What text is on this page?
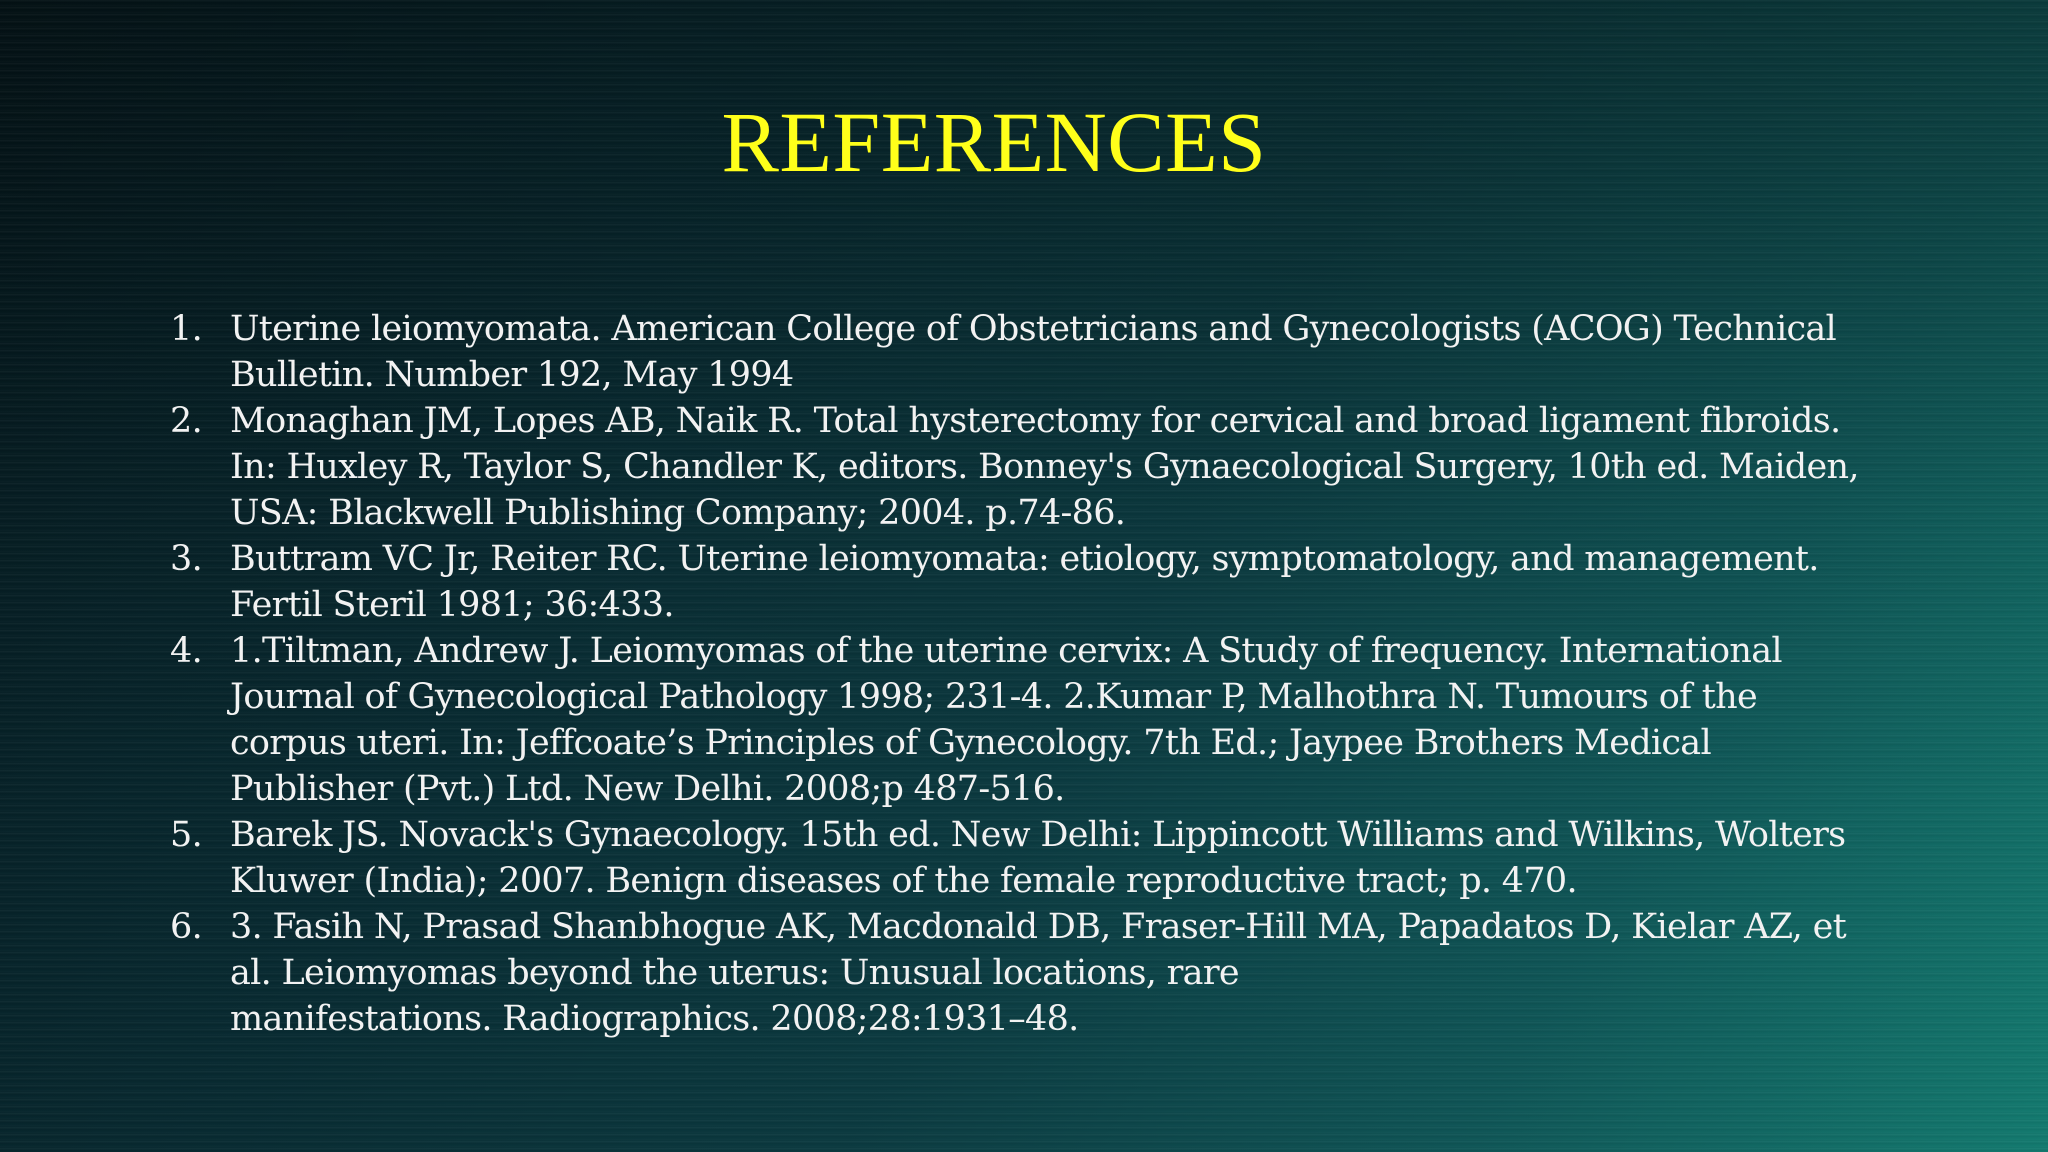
REFERENCES
1. Uterine leiomyomata. American College of Obstetricians and Gynecologists (ACOG) Technical
Bulletin. Number 192, May 1994
2. Monaghan JM, Lopes AB, Naik R. Total hysterectomy for cervical and broad ligament fibroids.
In: Huxley R, Taylor S, Chandler K, editors. Bonney's Gynaecological Surgery, 10th ed. Maiden,
USA: Blackwell Publishing Company; 2004. p.74-86.
3. Buttram VC Jr, Reiter RC. Uterine leiomyomata: etiology, symptomatology, and management.
Fertil Steril 1981; 36:433.
4. 1.Tiltman, Andrew J. Leiomyomas of the uterine cervix: A Study of frequency. International
Journal of Gynecological Pathology 1998; 231-4. 2.Kumar P, Malhothra N. Tumours of the
corpus uteri. In: Jeffcoate’s Principles of Gynecology. 7th Ed.; Jaypee Brothers Medical
Publisher (Pvt.) Ltd. New Delhi. 2008;p 487-516.
5. Barek JS. Novack's Gynaecology. 15th ed. New Delhi: Lippincott Williams and Wilkins, Wolters
Kluwer (India); 2007. Benign diseases of the female reproductive tract; p. 470.
6. 3. Fasih N, Prasad Shanbhogue AK, Macdonald DB, Fraser-Hill MA, Papadatos D, Kielar AZ, et
al. Leiomyomas beyond the uterus: Unusual locations, rare
manifestations. Radiographics. 2008;28:1931–48.
